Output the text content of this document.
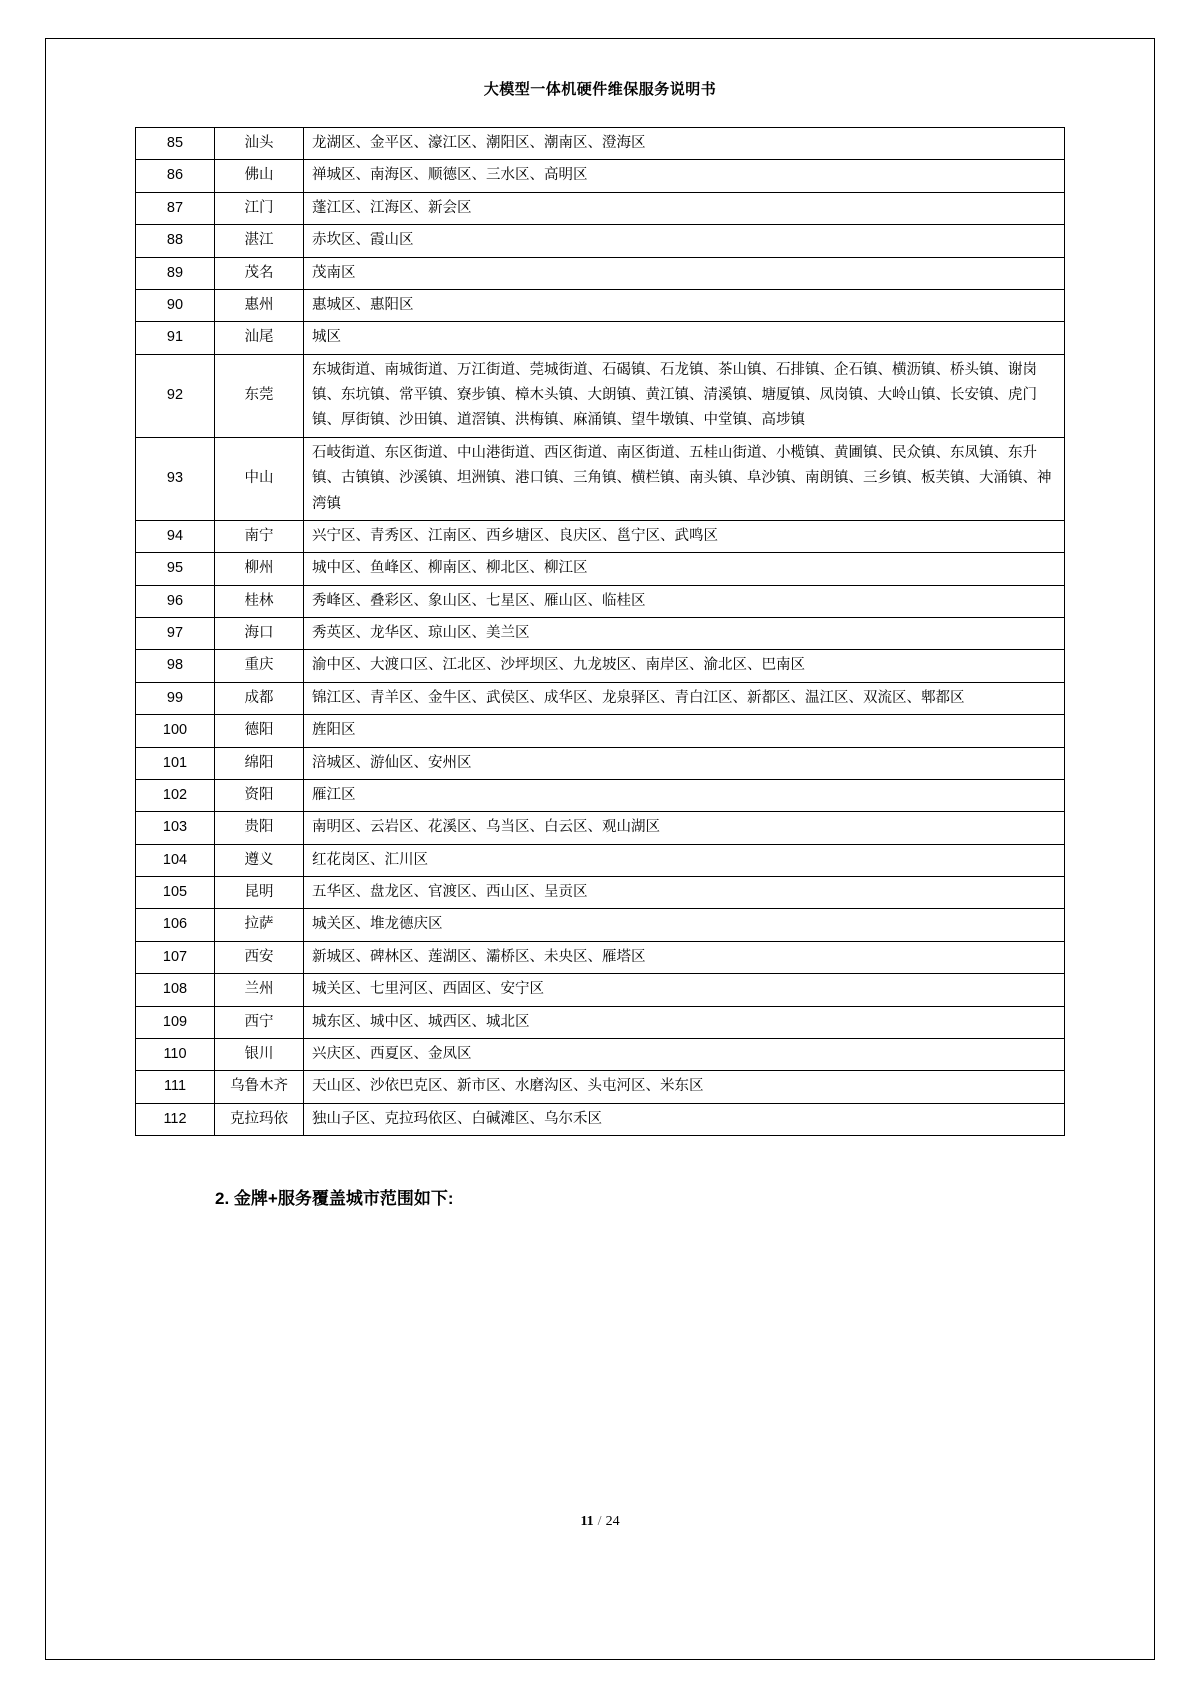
大模型一体机硬件维保服务说明书
85	汕头	龙湖区、金平区、濠江区、潮阳区、潮南区、澄海区
86	佛山	禅城区、南海区、顺德区、三水区、高明区
87	江门	蓬江区、江海区、新会区
88	湛江	赤坎区、霞山区
89	茂名	茂南区
90	惠州	惠城区、惠阳区
91	汕尾	城区
92	东莞	东城街道、南城街道、万江街道、莞城街道、石碣镇、石龙镇、茶山镇、石排镇、企石镇、横沥镇、桥头镇、谢岗镇、东坑镇、常平镇、寮步镇、樟木头镇、大朗镇、黄江镇、清溪镇、塘厦镇、凤岗镇、大岭山镇、长安镇、虎门镇、厚街镇、沙田镇、道滘镇、洪梅镇、麻涌镇、望牛墩镇、中堂镇、高埗镇
93	中山	石岐街道、东区街道、中山港街道、西区街道、南区街道、五桂山街道、小榄镇、黄圃镇、民众镇、东凤镇、东升镇、古镇镇、沙溪镇、坦洲镇、港口镇、三角镇、横栏镇、南头镇、阜沙镇、南朗镇、三乡镇、板芙镇、大涌镇、神湾镇
94	南宁	兴宁区、青秀区、江南区、西乡塘区、良庆区、邕宁区、武鸣区
95	柳州	城中区、鱼峰区、柳南区、柳北区、柳江区
96	桂林	秀峰区、叠彩区、象山区、七星区、雁山区、临桂区
97	海口	秀英区、龙华区、琼山区、美兰区
98	重庆	渝中区、大渡口区、江北区、沙坪坝区、九龙坡区、南岸区、渝北区、巴南区
99	成都	锦江区、青羊区、金牛区、武侯区、成华区、龙泉驿区、青白江区、新都区、温江区、双流区、郫都区
100	德阳	旌阳区
101	绵阳	涪城区、游仙区、安州区
102	资阳	雁江区
103	贵阳	南明区、云岩区、花溪区、乌当区、白云区、观山湖区
104	遵义	红花岗区、汇川区
105	昆明	五华区、盘龙区、官渡区、西山区、呈贡区
106	拉萨	城关区、堆龙德庆区
107	西安	新城区、碑林区、莲湖区、灞桥区、未央区、雁塔区
108	兰州	城关区、七里河区、西固区、安宁区
109	西宁	城东区、城中区、城西区、城北区
110	银川	兴庆区、西夏区、金凤区
111	乌鲁木齐	天山区、沙依巴克区、新市区、水磨沟区、头屯河区、米东区
112	克拉玛依	独山子区、克拉玛依区、白碱滩区、乌尔禾区
2. 金牌+服务覆盖城市范围如下:
11 / 24
